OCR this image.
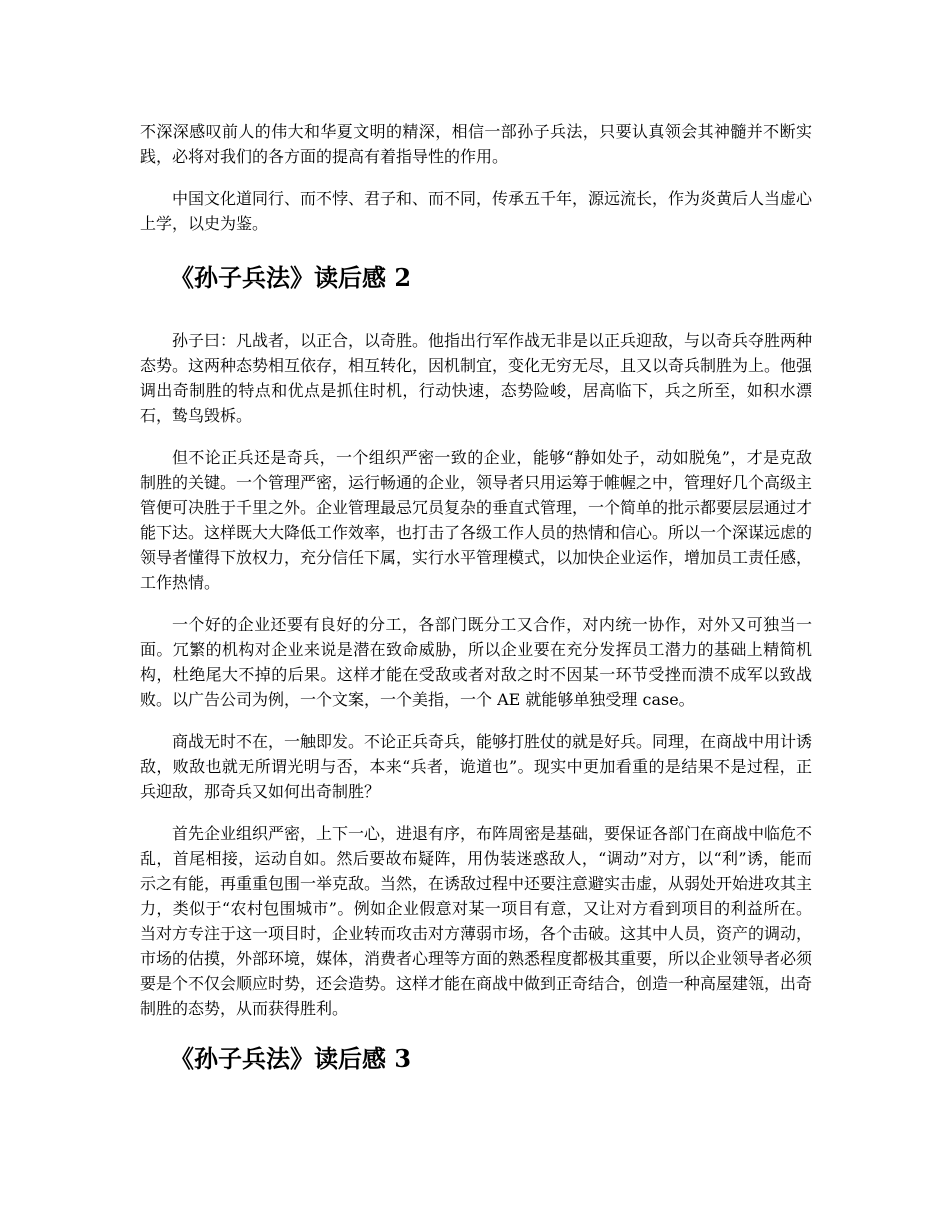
不深深感叹前人的伟大和华夏文明的精深，相信一部孙子兵法，只要认真领会其神髓并不断实践，必将对我们的各方面的提高有着指导性的作用。

中国文化道同行、而不悖、君子和、而不同，传承五千年，源远流长，作为炎黄后人当虚心上学，以史为鉴。

《孙子兵法》读后感 2

孙子曰：凡战者，以正合，以奇胜。他指出行军作战无非是以正兵迎敌，与以奇兵夺胜两种态势。这两种态势相互依存，相互转化，因机制宜，变化无穷无尽，且又以奇兵制胜为上。他强调出奇制胜的特点和优点是抓住时机，行动快速，态势险峻，居高临下，兵之所至，如积水漂石，鸷鸟毁柝。

但不论正兵还是奇兵，一个组织严密一致的企业，能够“静如处子，动如脱兔”，才是克敌制胜的关键。一个管理严密，运行畅通的企业，领导者只用运筹于帷幄之中，管理好几个高级主管便可决胜于千里之外。企业管理最忌冗员复杂的垂直式管理，一个简单的批示都要层层通过才能下达。这样既大大降低工作效率，也打击了各级工作人员的热情和信心。所以一个深谋远虑的领导者懂得下放权力，充分信任下属，实行水平管理模式，以加快企业运作，增加员工责任感，工作热情。

一个好的企业还要有良好的分工，各部门既分工又合作，对内统一协作，对外又可独当一面。冗繁的机构对企业来说是潜在致命威胁，所以企业要在充分发挥员工潜力的基础上精简机构，杜绝尾大不掉的后果。这样才能在受敌或者对敌之时不因某一环节受挫而溃不成军以致战败。以广告公司为例，一个文案，一个美指，一个 AE 就能够单独受理 case。

商战无时不在，一触即发。不论正兵奇兵，能够打胜仗的就是好兵。同理，在商战中用计诱敌，败敌也就无所谓光明与否，本来“兵者，诡道也”。现实中更加看重的是结果不是过程，正兵迎敌，那奇兵又如何出奇制胜？

首先企业组织严密，上下一心，进退有序，布阵周密是基础，要保证各部门在商战中临危不乱，首尾相接，运动自如。然后要故布疑阵，用伪装迷惑敌人，“调动”对方，以“利”诱，能而示之有能，再重重包围一举克敌。当然，在诱敌过程中还要注意避实击虚，从弱处开始进攻其主力，类似于“农村包围城市”。例如企业假意对某一项目有意，又让对方看到项目的利益所在。当对方专注于这一项目时，企业转而攻击对方薄弱市场，各个击破。这其中人员，资产的调动，市场的估摸，外部环境，媒体，消费者心理等方面的熟悉程度都极其重要，所以企业领导者必须要是个不仅会顺应时势，还会造势。这样才能在商战中做到正奇结合，创造一种高屋建瓴，出奇制胜的态势，从而获得胜利。

《孙子兵法》读后感 3
